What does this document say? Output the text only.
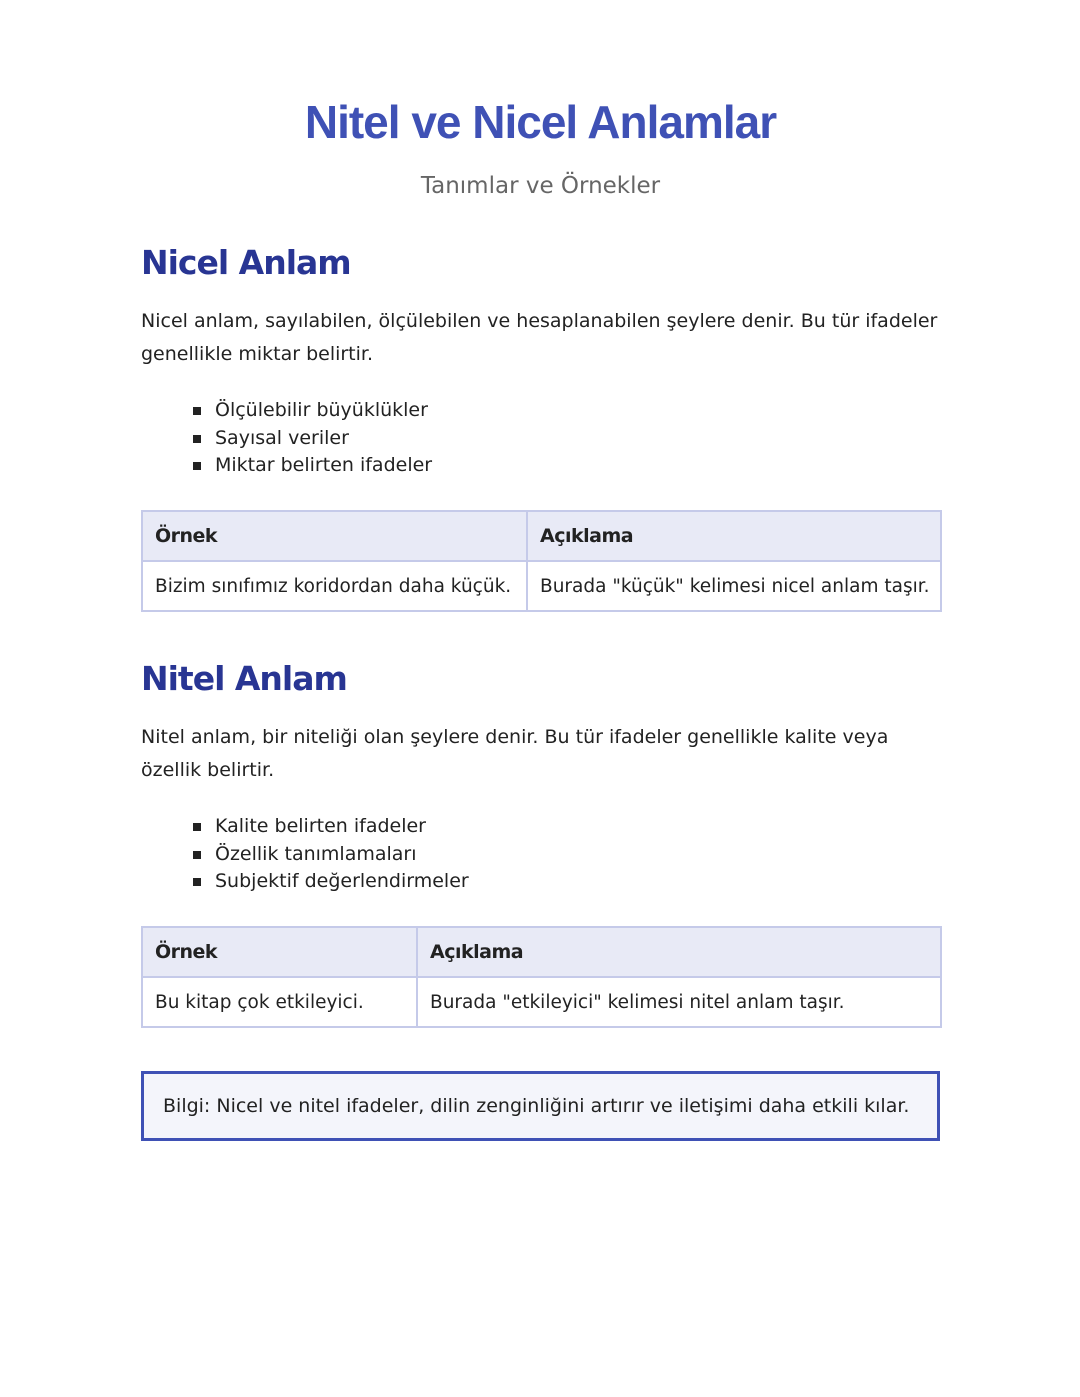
Nitel ve Nicel Anlamlar
Tanımlar ve Örnekler
Nicel Anlam

Nicel anlam, sayılabilen, ölçülebilen ve hesaplanabilen şeylere denir. Bu tür ifadeler genellikle miktar belirtir.

Ölçülebilir büyüklükler
Sayısal veriler
Miktar belirten ifadeler
Örnek	Açıklama
Bizim sınıfımız koridordan daha küçük.	Burada "küçük" kelimesi nicel anlam taşır.
Nitel Anlam

Nitel anlam, bir niteliği olan şeylere denir. Bu tür ifadeler genellikle kalite veya özellik belirtir.

Kalite belirten ifadeler
Özellik tanımlamaları
Subjektif değerlendirmeler
Örnek	Açıklama
Bu kitap çok etkileyici.	Burada "etkileyici" kelimesi nitel anlam taşır.
Bilgi: Nicel ve nitel ifadeler, dilin zenginliğini artırır ve iletişimi daha etkili kılar.
